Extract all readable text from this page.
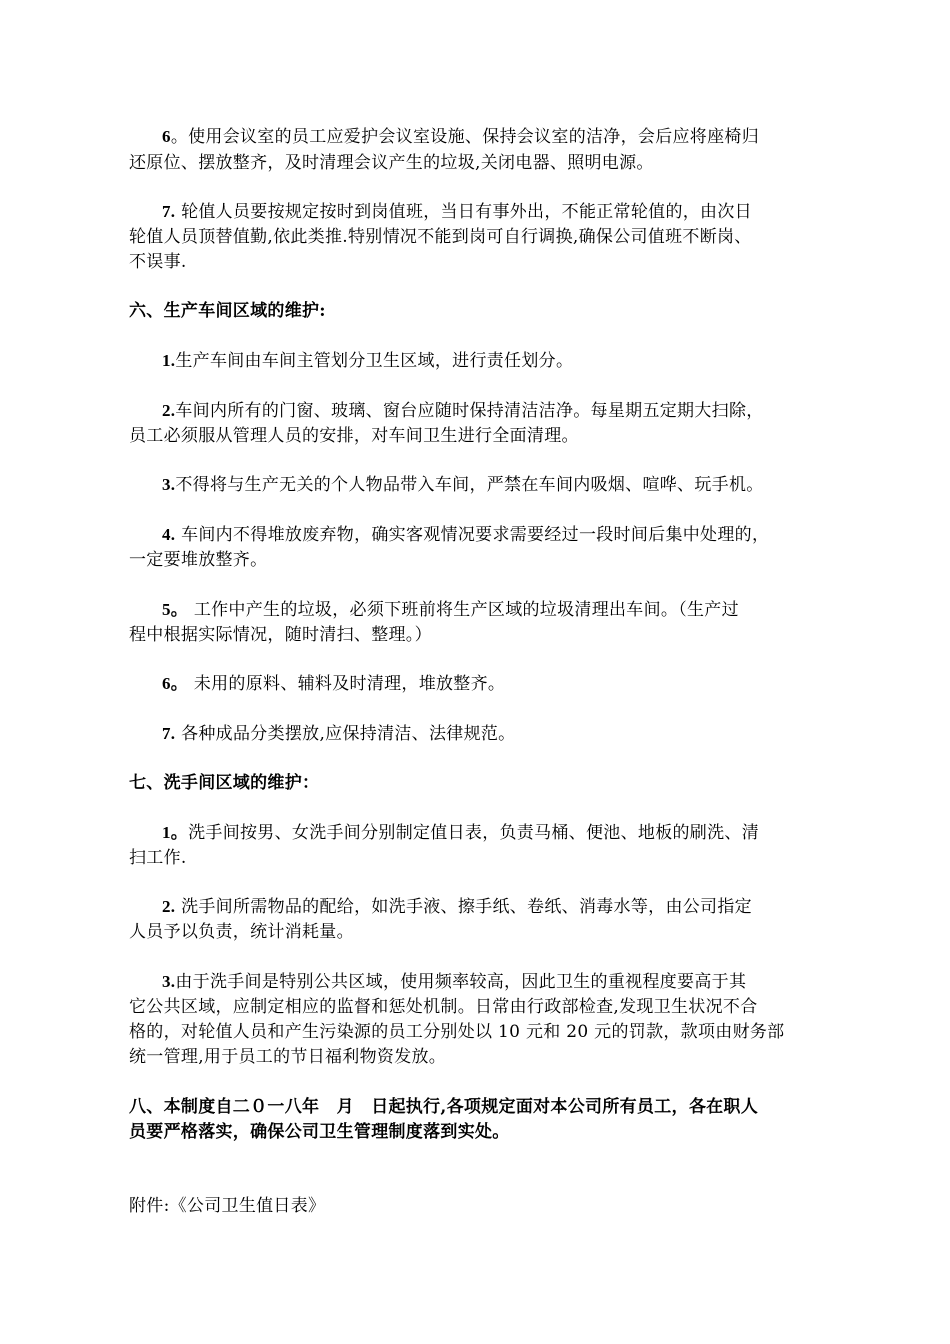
6。使用会议室的员工应爱护会议室设施、保持会议室的洁净，会后应将座椅归
还原位、摆放整齐，及时清理会议产生的垃圾,关闭电器、照明电源。
7. 轮值人员要按规定按时到岗值班，当日有事外出，不能正常轮值的，由次日
轮值人员顶替值勤,依此类推.特别情况不能到岗可自行调换,确保公司值班不断岗、
不误事.
六、生产车间区域的维护:
1.生产车间由车间主管划分卫生区域，进行责任划分。
2.车间内所有的门窗、玻璃、窗台应随时保持清洁洁净。每星期五定期大扫除，
员工必须服从管理人员的安排，对车间卫生进行全面清理。
3.不得将与生产无关的个人物品带入车间，严禁在车间内吸烟、喧哗、玩手机。
4. 车间内不得堆放废弃物，确实客观情况要求需要经过一段时间后集中处理的，
一定要堆放整齐。
5。 工作中产生的垃圾，必须下班前将生产区域的垃圾清理出车间。（生产过
程中根据实际情况，随时清扫、整理。）
6。 未用的原料、辅料及时清理，堆放整齐。
7. 各种成品分类摆放,应保持清洁、法律规范。
七、洗手间区域的维护：
1。洗手间按男、女洗手间分别制定值日表，负责马桶、便池、地板的刷洗、清
扫工作.
2. 洗手间所需物品的配给，如洗手液、擦手纸、卷纸、消毒水等，由公司指定
人员予以负责，统计消耗量。
3.由于洗手间是特别公共区域，使用频率较高，因此卫生的重视程度要高于其
它公共区域，应制定相应的监督和惩处机制。日常由行政部检查,发现卫生状况不合
格的，对轮值人员和产生污染源的员工分别处以 10 元和 20 元的罚款，款项由财务部
统一管理,用于员工的节日福利物资发放。
八、本制度自二０一八年　月　日起执行,各项规定面对本公司所有员工，各在职人
员要严格落实，确保公司卫生管理制度落到实处。
附件:《公司卫生值日表》
